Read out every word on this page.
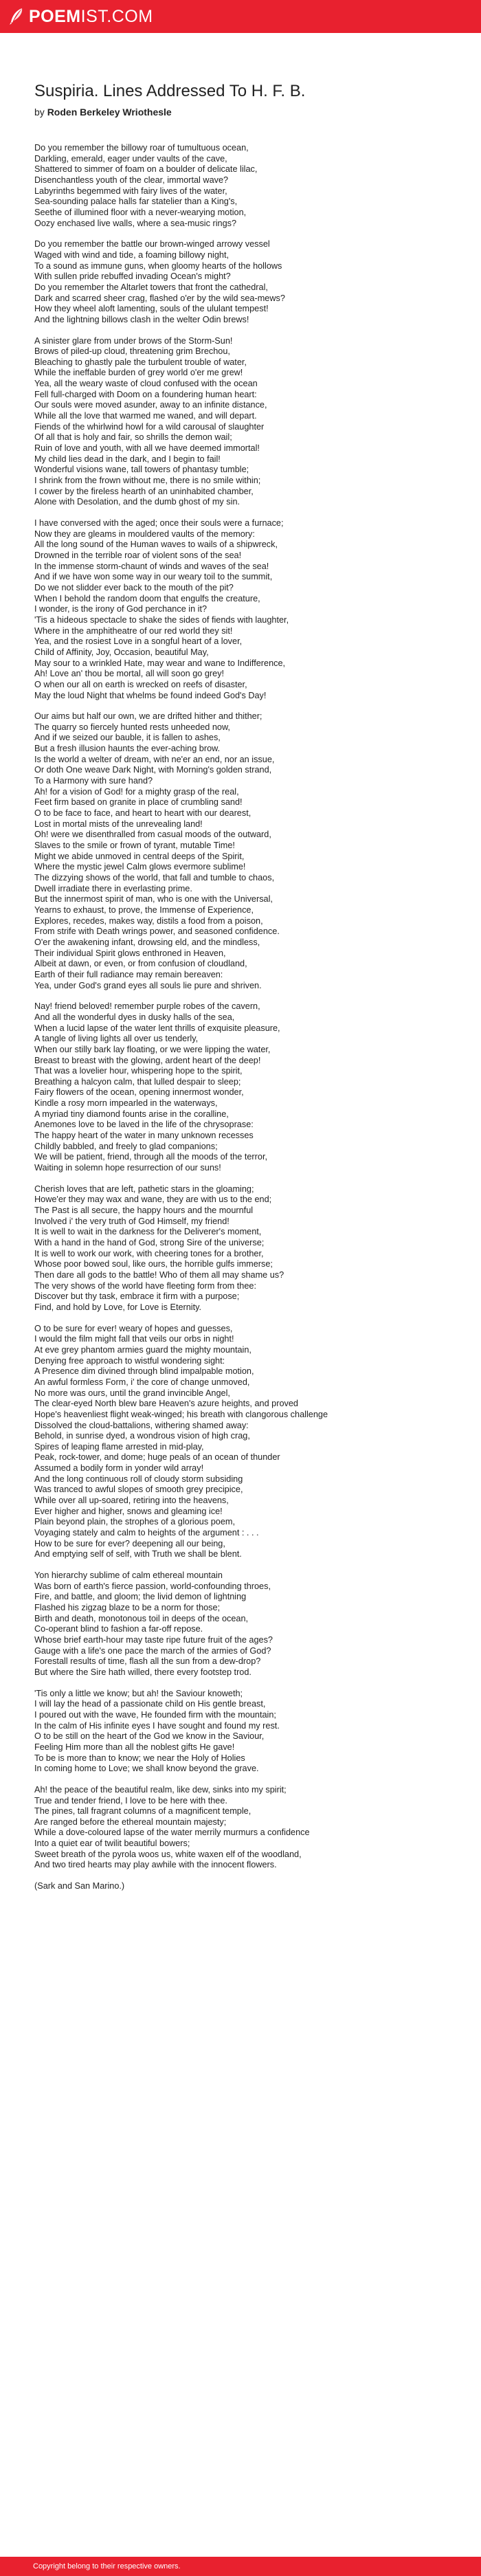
POEM IST.COM
Suspiria. Lines Addressed To H. F. B.

by Roden Berkeley Wriothesle

Do you remember the billowy roar of tumultuous ocean,
Darkling, emerald, eager under vaults of the cave,
Shattered to simmer of foam on a boulder of delicate lilac,
Disenchantless youth of the clear, immortal wave?
Labyrinths begemmed with fairy lives of the water,
Sea-sounding palace halls far statelier than a King's,
Seethe of illumined floor with a never-wearying motion,
Oozy enchased live walls, where a sea-music rings?
Do you remember the battle our brown-winged arrowy vessel
Waged with wind and tide, a foaming billowy night,
To a sound as immune guns, when gloomy hearts of the hollows
With sullen pride rebuffed invading Ocean's might?
Do you remember the Altarlet towers that front the cathedral,
Dark and scarred sheer crag, flashed o'er by the wild sea-mews?
How they wheel aloft lamenting, souls of the ululant tempest!
And the lightning billows clash in the welter Odin brews!
A sinister glare from under brows of the Storm-Sun!
Brows of piled-up cloud, threatening grim Brechou,
Bleaching to ghastly pale the turbulent trouble of water,
While the ineffable burden of grey world o'er me grew!
Yea, all the weary waste of cloud confused with the ocean
Fell full-charged with Doom on a foundering human heart:
Our souls were moved asunder, away to an infinite distance,
While all the love that warmed me waned, and will depart.
Fiends of the whirlwind howl for a wild carousal of slaughter
Of all that is holy and fair, so shrills the demon wail;
Ruin of love and youth, with all we have deemed immortal!
My child lies dead in the dark, and I begin to fail!
Wonderful visions wane, tall towers of phantasy tumble;
I shrink from the frown without me, there is no smile within;
I cower by the fireless hearth of an uninhabited chamber,
Alone with Desolation, and the dumb ghost of my sin.
I have conversed with the aged; once their souls were a furnace;
Now they are gleams in mouldered vaults of the memory:
All the long sound of the Human waves to wails of a shipwreck,
Drowned in the terrible roar of violent sons of the sea!
In the immense storm-chaunt of winds and waves of the sea!
And if we have won some way in our weary toil to the summit,
Do we not slidder ever back to the mouth of the pit?
When I behold the random doom that engulfs the creature,
I wonder, is the irony of God perchance in it?
'Tis a hideous spectacle to shake the sides of fiends with laughter,
Where in the amphitheatre of our red world they sit!
Yea, and the rosiest Love in a songful heart of a lover,
Child of Affinity, Joy, Occasion, beautiful May,
May sour to a wrinkled Hate, may wear and wane to Indifference,
Ah! Love an' thou be mortal, all will soon go grey!
O when our all on earth is wrecked on reefs of disaster,
May the loud Night that whelms be found indeed God's Day!
Our aims but half our own, we are drifted hither and thither;
The quarry so fiercely hunted rests unheeded now,
And if we seized our bauble, it is fallen to ashes,
But a fresh illusion haunts the ever-aching brow.
Is the world a welter of dream, with ne'er an end, nor an issue,
Or doth One weave Dark Night, with Morning's golden strand,
To a Harmony with sure hand?
Ah! for a vision of God! for a mighty grasp of the real,
Feet firm based on granite in place of crumbling sand!
O to be face to face, and heart to heart with our dearest,
Lost in mortal mists of the unrevealing land!
Oh! were we disenthralled from casual moods of the outward,
Slaves to the smile or frown of tyrant, mutable Time!
Might we abide unmoved in central deeps of the Spirit,
Where the mystic jewel Calm glows evermore sublime!
The dizzying shows of the world, that fall and tumble to chaos,
Dwell irradiate there in everlasting prime.
But the innermost spirit of man, who is one with the Universal,
Yearns to exhaust, to prove, the Immense of Experience,
Explores, recedes, makes way, distils a food from a poison,
From strife with Death wrings power, and seasoned confidence.
O'er the awakening infant, drowsing eld, and the mindless,
Their individual Spirit glows enthroned in Heaven,
Albeit at dawn, or even, or from confusion of cloudland,
Earth of their full radiance may remain bereaven:
Yea, under God's grand eyes all souls lie pure and shriven.
Nay! friend beloved! remember purple robes of the cavern,
And all the wonderful dyes in dusky halls of the sea,
When a lucid lapse of the water lent thrills of exquisite pleasure,
A tangle of living lights all over us tenderly,
When our stilly bark lay floating, or we were lipping the water,
Breast to breast with the glowing, ardent heart of the deep!
That was a lovelier hour, whispering hope to the spirit,
Breathing a halcyon calm, that lulled despair to sleep;
Fairy flowers of the ocean, opening innermost wonder,
Kindle a rosy morn impearled in the waterways,
A myriad tiny diamond founts arise in the coralline,
Anemones love to be laved in the life of the chrysoprase:
The happy heart of the water in many unknown recesses
Childly babbled, and freely to glad companions;
We will be patient, friend, through all the moods of the terror,
Waiting in solemn hope resurrection of our suns!
Cherish loves that are left, pathetic stars in the gloaming;
Howe'er they may wax and wane, they are with us to the end;
The Past is all secure, the happy hours and the mournful
Involved i' the very truth of God Himself, my friend!
It is well to wait in the darkness for the Deliverer's moment,
With a hand in the hand of God, strong Sire of the universe;
It is well to work our work, with cheering tones for a brother,
Whose poor bowed soul, like ours, the horrible gulfs immerse;
Then dare all gods to the battle! Who of them all may shame us?
The very shows of the world have fleeting form from thee:
Discover but thy task, embrace it firm with a purpose;
Find, and hold by Love, for Love is Eternity.
O to be sure for ever! weary of hopes and guesses,
I would the film might fall that veils our orbs in night!
At eve grey phantom armies guard the mighty mountain,
Denying free approach to wistful wondering sight:
A Presence dim divined through blind impalpable motion,
An awful formless Form, i' the core of change unmoved,
No more was ours, until the grand invincible Angel,
The clear-eyed North blew bare Heaven's azure heights, and proved
Hope's heavenliest flight weak-winged; his breath with clangorous challenge
Dissolved the cloud-battalions, withering shamed away:
Behold, in sunrise dyed, a wondrous vision of high crag,
Spires of leaping flame arrested in mid-play,
Peak, rock-tower, and dome; huge peals of an ocean of thunder
Assumed a bodily form in yonder wild array!
And the long continuous roll of cloudy storm subsiding
Was tranced to awful slopes of smooth grey precipice,
While over all up-soared, retiring into the heavens,
Ever higher and higher, snows and gleaming ice!
Plain beyond plain, the strophes of a glorious poem,
Voyaging stately and calm to heights of the argument : . . .
How to be sure for ever? deepening all our being,
And emptying self of self, with Truth we shall be blent.
Yon hierarchy sublime of calm ethereal mountain
Was born of earth's fierce passion, world-confounding throes,
Fire, and battle, and gloom; the livid demon of lightning
Flashed his zigzag blaze to be a norm for those;
Birth and death, monotonous toil in deeps of the ocean,
Co-operant blind to fashion a far-off repose.
Whose brief earth-hour may taste ripe future fruit of the ages?
Gauge with a life's one pace the march of the armies of God?
Forestall results of time, flash all the sun from a dew-drop?
But where the Sire hath willed, there every footstep trod.
'Tis only a little we know; but ah! the Saviour knoweth;
I will lay the head of a passionate child on His gentle breast,
I poured out with the wave, He founded firm with the mountain;
In the calm of His infinite eyes I have sought and found my rest.
O to be still on the heart of the God we know in the Saviour,
Feeling Him more than all the noblest gifts He gave!
To be is more than to know; we near the Holy of Holies
In coming home to Love; we shall know beyond the grave.
Ah! the peace of the beautiful realm, like dew, sinks into my spirit;
True and tender friend, I love to be here with thee.
The pines, tall fragrant columns of a magnificent temple,
Are ranged before the ethereal mountain majesty;
While a dove-coloured lapse of the water merrily murmurs a confidence
Into a quiet ear of twilit beautiful bowers;
Sweet breath of the pyrola woos us, white waxen elf of the woodland,
And two tired hearts may play awhile with the innocent flowers.
(Sark and San Marino.)
Copyright belong to their respective owners.
